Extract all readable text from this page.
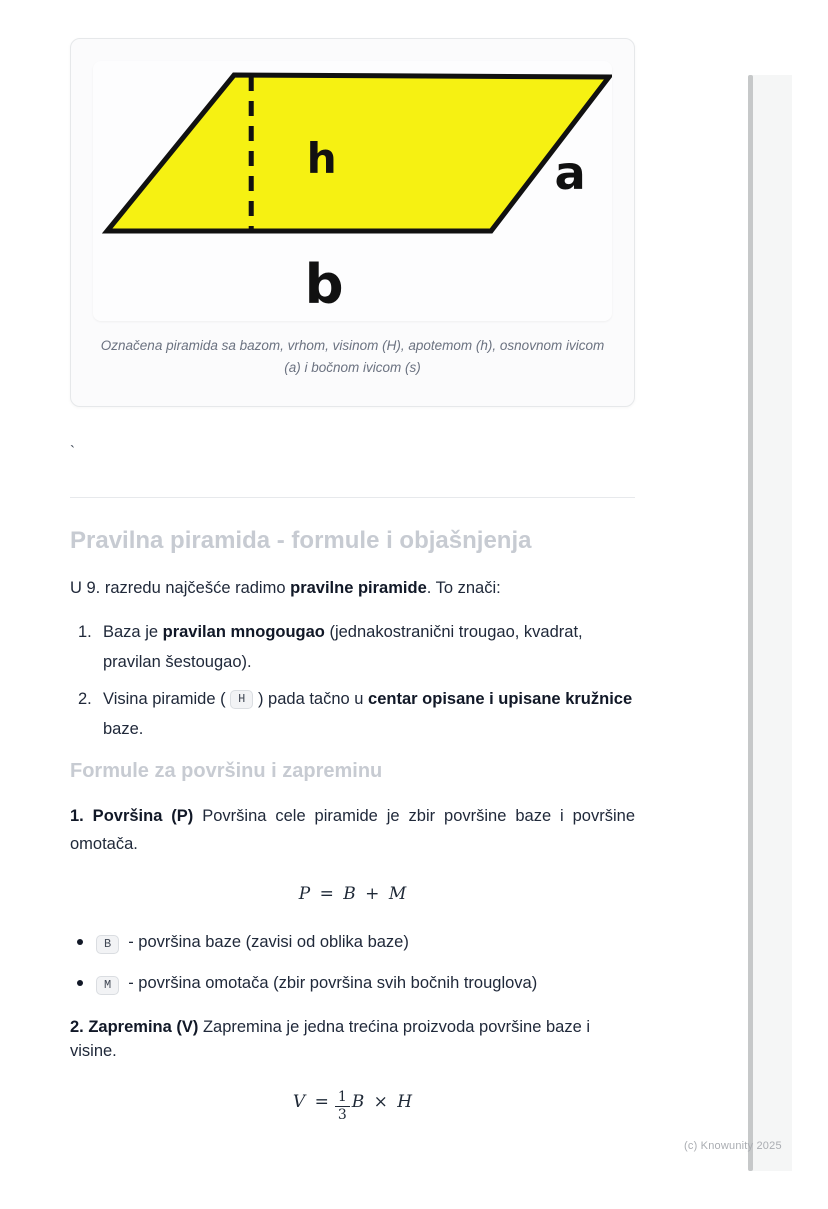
h	a
b

Označena piramida sa bazom, vrhom, visinom (H), apotemom (h), osnovnom ivicom (a) i bočnom ivicom (s)

`

Pravilna piramida - formule i objašnjenja

U 9. razredu najčešće radimo pravilne piramide. To znači:

1. Baza je pravilan mnogougao (jednakostranični trougao, kvadrat, pravilan šestougao).
2. Visina piramide ( H ) pada tačno u centar opisane i upisane kružnice baze.
Formule za površinu i zapreminu

1. Površina (P) Površina cele piramide je zbir površine baze i površine omotača.

P = B + M
B	- površina baze (zavisi od oblika baze)
M	- površina omotača (zbir površina svih bočnih trouglova)

2. Zapremina (V) Zapremina je jedna trećina proizvoda površine baze i visine.

$V = \frac{1}{3}$ B × H
(c) Knowunity 2025
